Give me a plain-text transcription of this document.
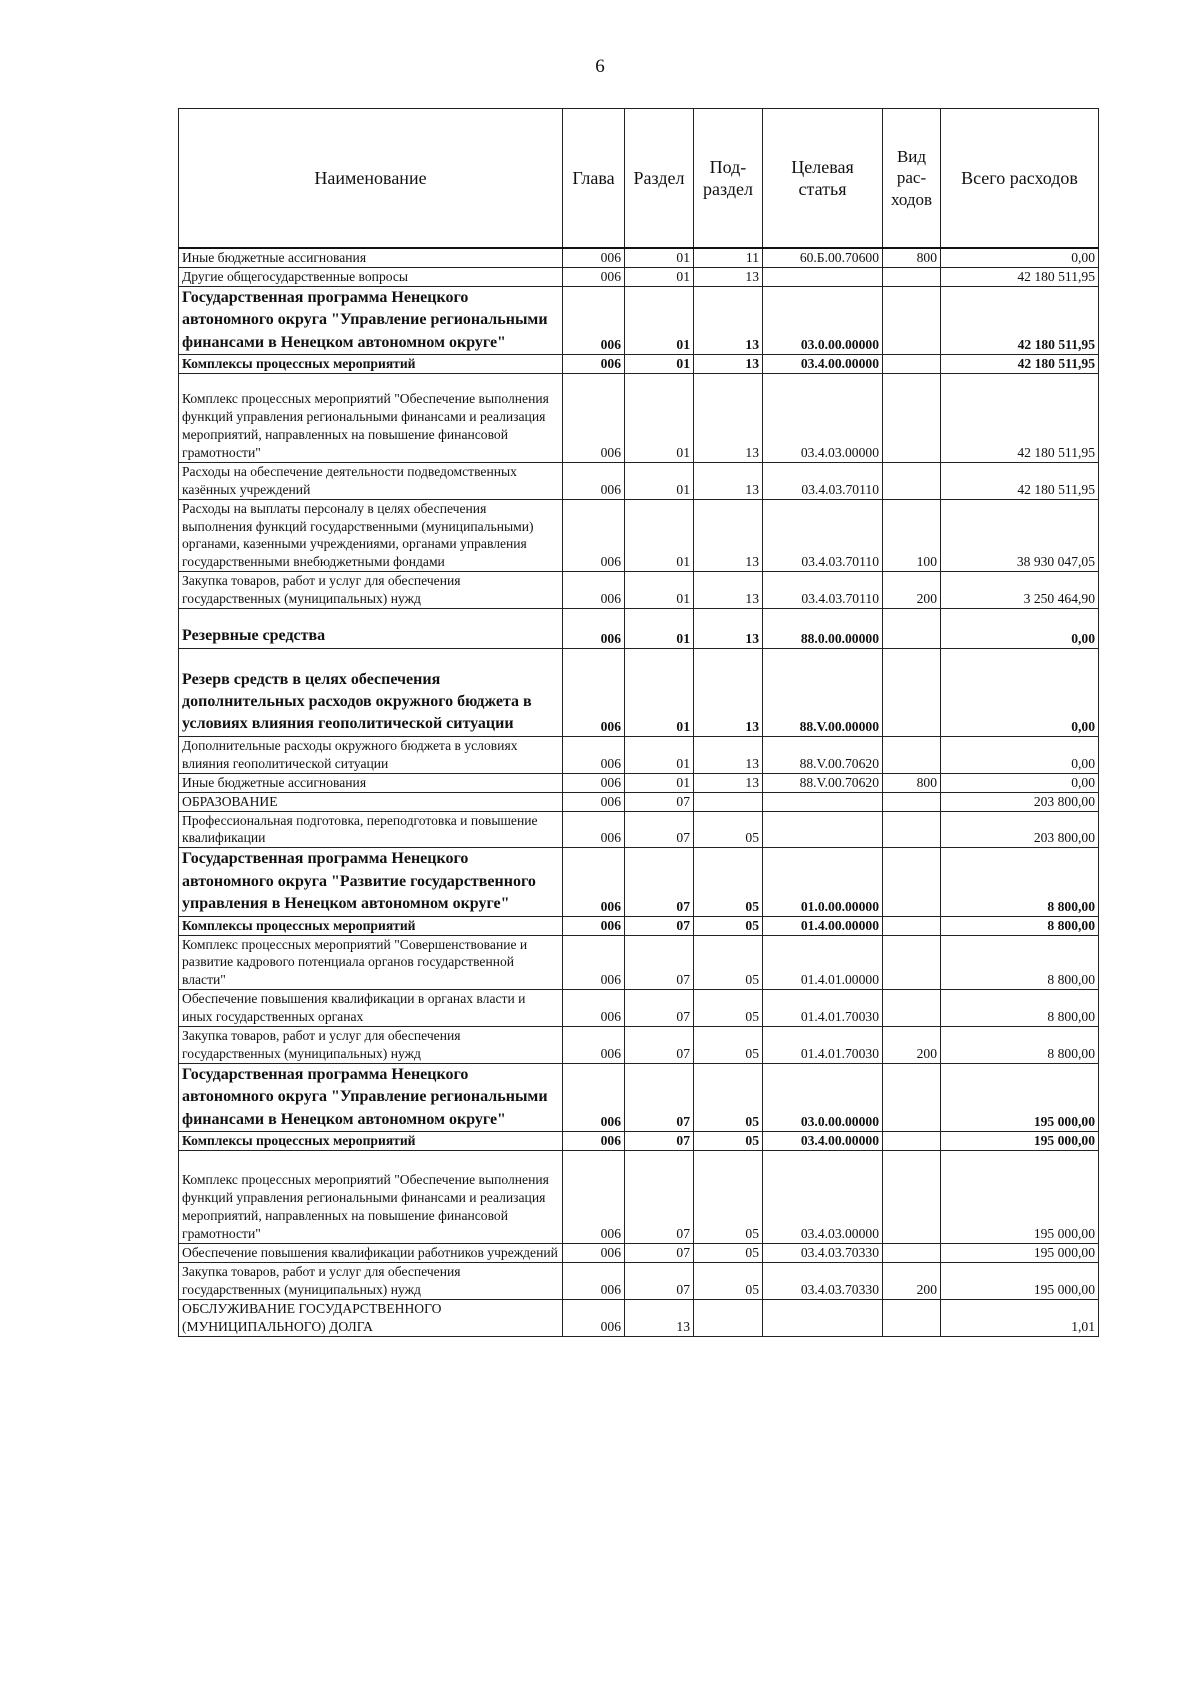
6
Наименование	Глава	Раздел	Под-раздел	Целевая статья	Вид рас-ходов	Всего расходов
Иные бюджетные ассигнования	006	01	11	60.Б.00.70600	800	0,00
Другие общегосударственные вопросы	006	01	13			42 180 511,95
Государственная программа Ненецкого автономного округа "Управление региональными финансами в Ненецком автономном округе"	006	01	13	03.0.00.00000		42 180 511,95
Комплексы процессных мероприятий	006	01	13	03.4.00.00000		42 180 511,95
Комплекс процессных мероприятий "Обеспечение выполнения функций управления региональными финансами и реализация мероприятий, направленных на повышение финансовой грамотности"	006	01	13	03.4.03.00000		42 180 511,95
Расходы на обеспечение деятельности подведомственных казённых учреждений	006	01	13	03.4.03.70110		42 180 511,95
Расходы на выплаты персоналу в целях обеспечения выполнения функций государственными (муниципальными) органами, казенными учреждениями, органами управления государственными внебюджетными фондами	006	01	13	03.4.03.70110	100	38 930 047,05
Закупка товаров, работ и услуг для обеспечения государственных (муниципальных) нужд	006	01	13	03.4.03.70110	200	3 250 464,90
Резервные средства	006	01	13	88.0.00.00000		0,00
Резерв средств в целях обеспечения дополнительных расходов окружного бюджета в условиях влияния геополитической ситуации	006	01	13	88.V.00.00000		0,00
Дополнительные расходы окружного бюджета в условиях влияния геополитической ситуации	006	01	13	88.V.00.70620		0,00
Иные бюджетные ассигнования	006	01	13	88.V.00.70620	800	0,00
ОБРАЗОВАНИЕ	006	07				203 800,00
Профессиональная подготовка, переподготовка и повышение квалификации	006	07	05			203 800,00
Государственная программа Ненецкого автономного округа "Развитие государственного управления в Ненецком автономном округе"	006	07	05	01.0.00.00000		8 800,00
Комплексы процессных мероприятий	006	07	05	01.4.00.00000		8 800,00
Комплекс процессных мероприятий "Совершенствование и развитие кадрового потенциала органов государственной власти"	006	07	05	01.4.01.00000		8 800,00
Обеспечение повышения квалификации в органах власти и иных государственных органах	006	07	05	01.4.01.70030		8 800,00
Закупка товаров, работ и услуг для обеспечения государственных (муниципальных) нужд	006	07	05	01.4.01.70030	200	8 800,00
Государственная программа Ненецкого автономного округа "Управление региональными финансами в Ненецком автономном округе"	006	07	05	03.0.00.00000		195 000,00
Комплексы процессных мероприятий	006	07	05	03.4.00.00000		195 000,00
Комплекс процессных мероприятий "Обеспечение выполнения функций управления региональными финансами и реализация мероприятий, направленных на повышение финансовой грамотности"	006	07	05	03.4.03.00000		195 000,00
Обеспечение повышения квалификации работников учреждений	006	07	05	03.4.03.70330		195 000,00
Закупка товаров, работ и услуг для обеспечения государственных (муниципальных) нужд	006	07	05	03.4.03.70330	200	195 000,00
ОБСЛУЖИВАНИЕ ГОСУДАРСТВЕННОГО (МУНИЦИПАЛЬНОГО) ДОЛГА	006	13				1,01
